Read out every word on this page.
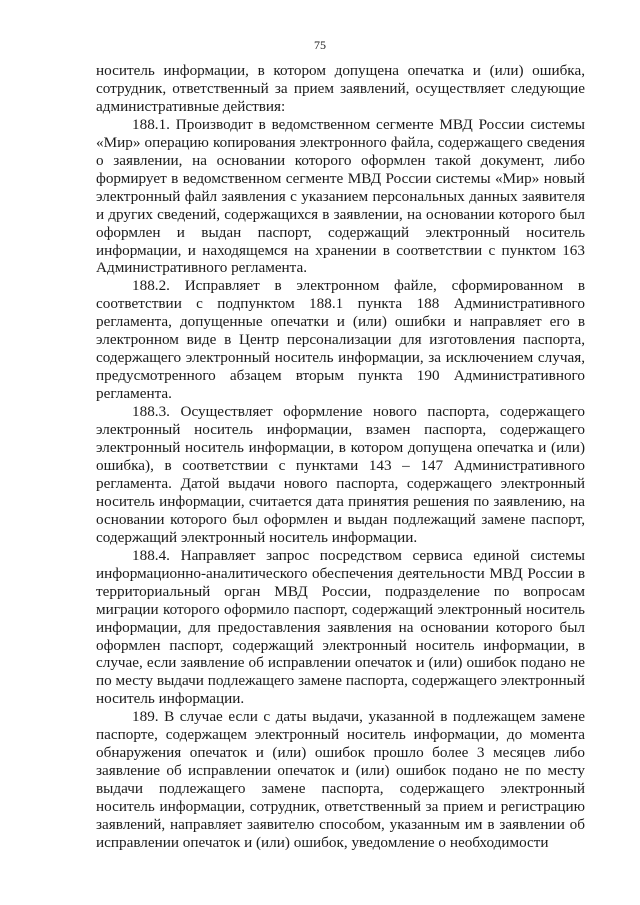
75

носитель информации, в котором допущена опечатка и (или) ошибка, сотрудник, ответственный за прием заявлений, осуществляет следующие административные действия:

188.1. Производит в ведомственном сегменте МВД России системы «Мир» операцию копирования электронного файла, содержащего сведения о заявлении, на основании которого оформлен такой документ, либо формирует в ведомственном сегменте МВД России системы «Мир» новый электронный файл заявления с указанием персональных данных заявителя и других сведений, содержащихся в заявлении, на основании которого был оформлен и выдан паспорт, содержащий электронный носитель информации, и находящемся на хранении в соответствии с пунктом 163 Административного регламента.

188.2. Исправляет в электронном файле, сформированном в соответствии с подпунктом 188.1 пункта 188 Административного регламента, допущенные опечатки и (или) ошибки и направляет его в электронном виде в Центр персонализации для изготовления паспорта, содержащего электронный носитель информации, за исключением случая, предусмотренного абзацем вторым пункта 190 Административного регламента.

188.3. Осуществляет оформление нового паспорта, содержащего электронный носитель информации, взамен паспорта, содержащего электронный носитель информации, в котором допущена опечатка и (или) ошибка), в соответствии с пунктами 143 – 147 Административного регламента. Датой выдачи нового паспорта, содержащего электронный носитель информации, считается дата принятия решения по заявлению, на основании которого был оформлен и выдан подлежащий замене паспорт, содержащий электронный носитель информации.

188.4. Направляет запрос посредством сервиса единой системы информационно-аналитического обеспечения деятельности МВД России в территориальный орган МВД России, подразделение по вопросам миграции которого оформило паспорт, содержащий электронный носитель информации, для предоставления заявления на основании которого был оформлен паспорт, содержащий электронный носитель информации, в случае, если заявление об исправлении опечаток и (или) ошибок подано не по месту выдачи подлежащего замене паспорта, содержащего электронный носитель информации.

189. В случае если с даты выдачи, указанной в подлежащем замене паспорте, содержащем электронный носитель информации, до момента обнаружения опечаток и (или) ошибок прошло более 3 месяцев либо заявление об исправлении опечаток и (или) ошибок подано не по месту выдачи подлежащего замене паспорта, содержащего электронный носитель информации, сотрудник, ответственный за прием и регистрацию заявлений, направляет заявителю способом, указанным им в заявлении об исправлении опечаток и (или) ошибок, уведомление о необходимости
